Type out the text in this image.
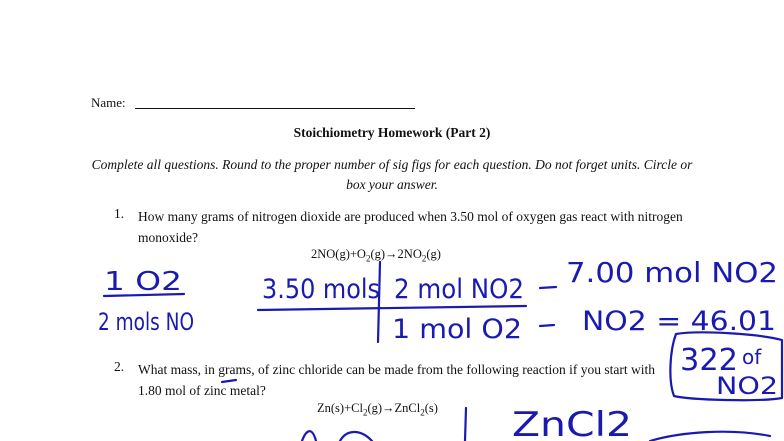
Name:
Stoichiometry Homework (Part 2)
Complete all questions. Round to the proper number of sig figs for each question. Do not forget units. Circle or box your answer.
1. How many grams of nitrogen dioxide are produced when 3.50 mol of oxygen gas react with nitrogen monoxide?
$2NO(g)+O_2(g)\to 2NO_2(g)$
2. What mass, in grams, of zinc chloride can be made from the following reaction if you start with 1.80 mol of zinc metal?
$Zn(s)+Cl_2(g)\to ZnCl_2(s)$
1 O2
2 mols NO
3.50 mols 2 mol NO2
1 mol O2
7.00 mol NO2
NO2 = 46.01
322 of
NO2
ZnCl2
